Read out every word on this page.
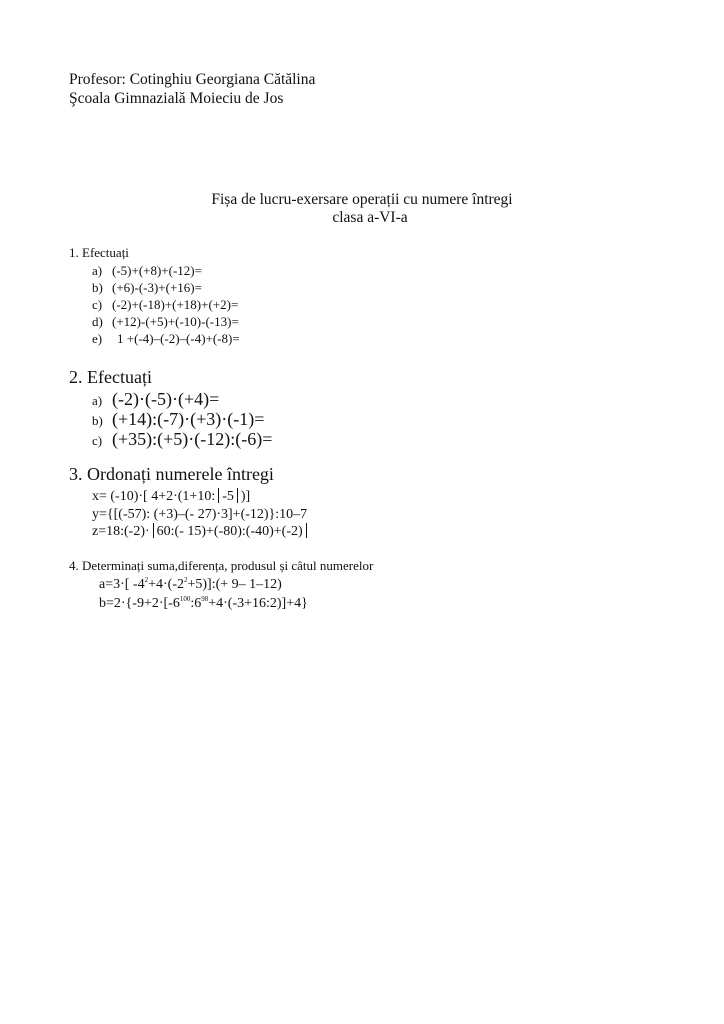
Profesor: Cotinghiu Georgiana Cătălina
Şcoala Gimnazială Moieciu de Jos
Fișa de lucru-exersare operații cu numere întregi
clasa a-VI-a
1. Efectuați
a) (-5)+(+8)+(-12)=
b) (+6)-(-3)+(+16)=
c) (-2)+(-18)+(+18)+(+2)=
d) (+12)-(+5)+(-10)-(-13)=
e) 1 +(-4)–(-2)–(-4)+(-8)=
2. Efectuați
a) (-2)·(-5)·(+4)=
b) (+14):(-7)·(+3)·(-1)=
c) (+35):(+5)·(-12):(-6)=
3. Ordonați numerele întregi
x= (-10)·[ 4+2·(1+10: -5 )]
y={[(-57): (+3)–(- 27)·3]+(-12)}:10–7
z=18:(-2)· 60:(- 15)+(-80):(-40)+(-2)
4. Determinați suma,diferența, produsul și câtul numerelor
a=3·[ $-4^2+4\cdot(-2^2+5)]:(+ 9-$ 1–12)
$b=2\cdot\{-9+2\cdot[-6^{100}:6^{98}+4\cdot(-3+16:2)]+4\}$
